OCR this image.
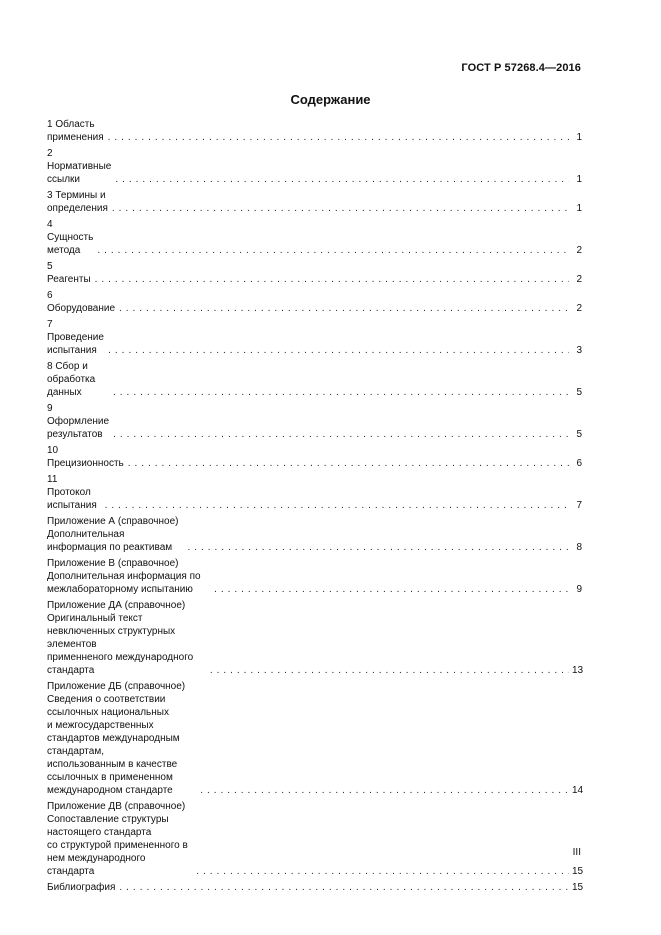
ГОСТ Р 57268.4—2016
Содержание
1 Область применения . . .	1
2 Нормативные ссылки . . .	1
3 Термины и определения . . .	1
4 Сущность метода . . .	2
5 Реагенты . . .	2
6 Оборудование . . .	2
7 Проведение испытания . . .	3
8 Сбор и обработка данных . . .	5
9 Оформление результатов . . .	5
10 Прецизионность . . .	6
11 Протокол испытания . . .	7
Приложение А (справочное) Дополнительная информация по реактивам . . .	8
Приложение В (справочное) Дополнительная информация по межлабораторному испытанию . . .	9
Приложение ДА (справочное) Оригинальный текст невключенных структурных элементов
применненого международного стандарта . . .	13
Приложение ДБ (справочное) Сведения о соответствии ссылочных национальных
и межгосударственных стандартов международным стандартам,
использованным в качестве ссылочных в примененном
международном стандарте . . .	14
Приложение ДВ (справочное) Сопоставление структуры настоящего стандарта
со структурой примененного в нем международного стандарта . . .	15
Библиография . . .	15
III
